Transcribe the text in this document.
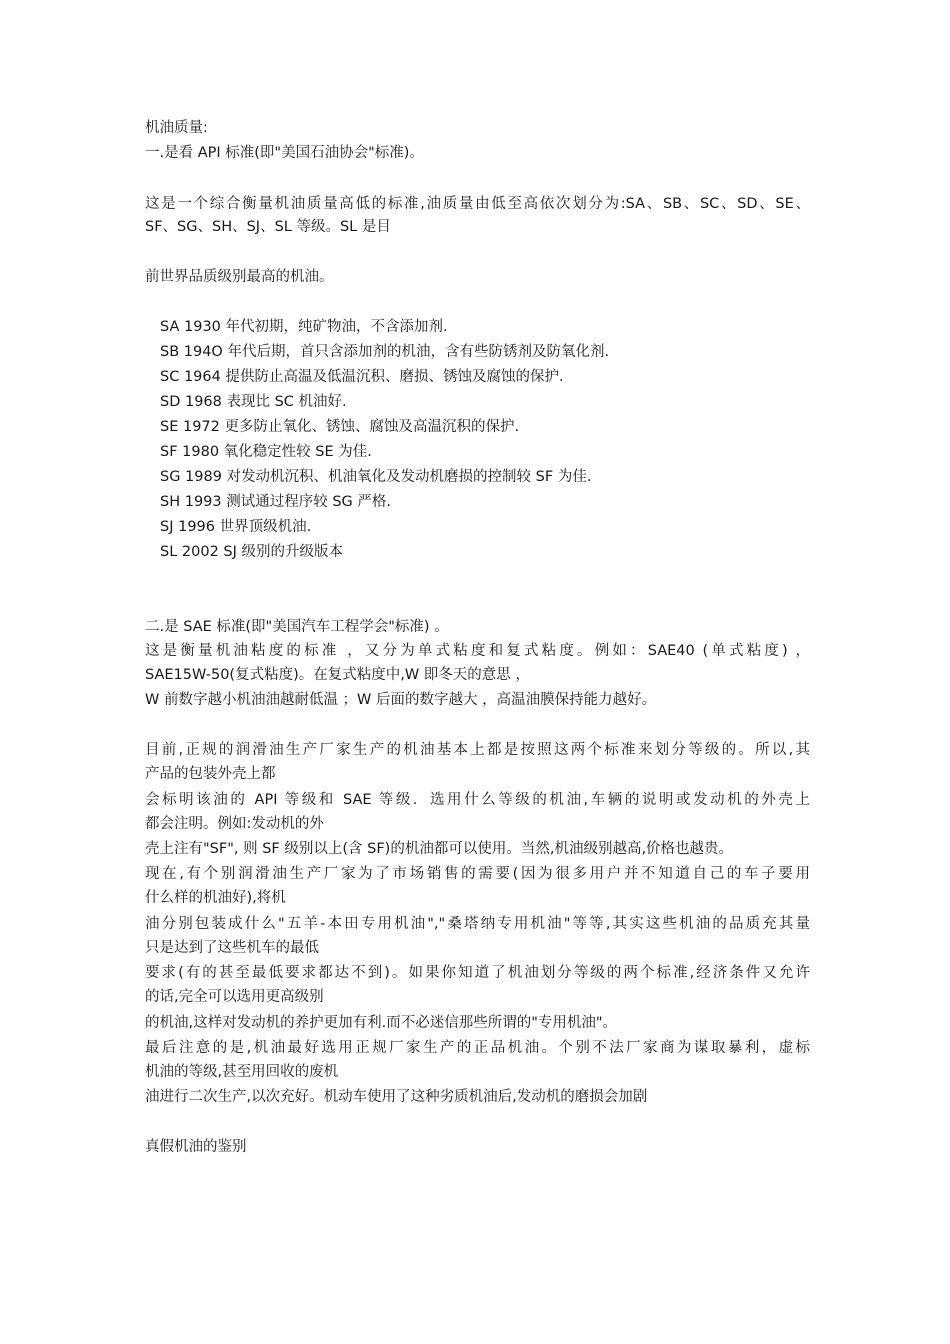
机油质量:
一.是看 API 标准(即"美国石油协会"标准)。
这是一个综合衡量机油质量高低的标准,油质量由低至高依次划分为:SA、SB、SC、SD、SE、
SF、SG、SH、SJ、SL 等级。SL 是目
前世界品质级别最高的机油。
SA 1930 年代初期，纯矿物油，不含添加剂.
SB 194O 年代后期，首只含添加剂的机油，含有些防锈剂及防氧化剂.
SC 1964 提供防止高温及低温沉积、磨损、锈蚀及腐蚀的保护.
SD 1968 表现比 SC 机油好.
SE 1972 更多防止氧化、锈蚀、腐蚀及高温沉积的保护.
SF 1980 氧化稳定性较 SE 为佳.
SG 1989 对发动机沉积、机油氧化及发动机磨损的控制较 SF 为佳.
SH 1993 测试通过程序较 SG 严格.
SJ 1996 世界顶级机油.
SL 2002 SJ 级别的升级版本
二.是 SAE 标准(即"美国汽车工程学会"标准) 。
这是衡量机油粘度的标准 ，又分为单式粘度和复式粘度。例如：SAE40 (单式粘度) ，
SAE15W-50(复式粘度)。在复式粘度中,W 即冬天的意思 ，
W 前数字越小机油油越耐低温 ；W 后面的数字越大 ，高温油膜保持能力越好。
目前,正规的润滑油生产厂家生产的机油基本上都是按照这两个标准来划分等级的。所以,其
产品的包装外壳上都
会标明该油的 API 等级和 SAE 等级．选用什么等级的机油,车辆的说明或发动机的外壳上
都会注明。例如:发动机的外
壳上注有"SF", 则 SF 级别以上(含 SF)的机油都可以使用。当然,机油级别越高,价格也越贵。
现在,有个别润滑油生产厂家为了市场销售的需要(因为很多用户并不知道自己的车子要用
什么样的机油好),将机
油分别包装成什么"五羊-本田专用机油","桑塔纳专用机油"等等,其实这些机油的品质充其量
只是达到了这些机车的最低
要求(有的甚至最低要求都达不到)。如果你知道了机油划分等级的两个标准,经济条件又允许
的话,完全可以选用更高级别
的机油,这样对发动机的养护更加有利.而不必迷信那些所谓的"专用机油"。
最后注意的是,机油最好选用正规厂家生产的正品机油。个别不法厂家商为谋取暴利，虚标
机油的等级,甚至用回收的废机
油进行二次生产,以次充好。机动车使用了这种劣质机油后,发动机的磨损会加剧
真假机油的鉴别
